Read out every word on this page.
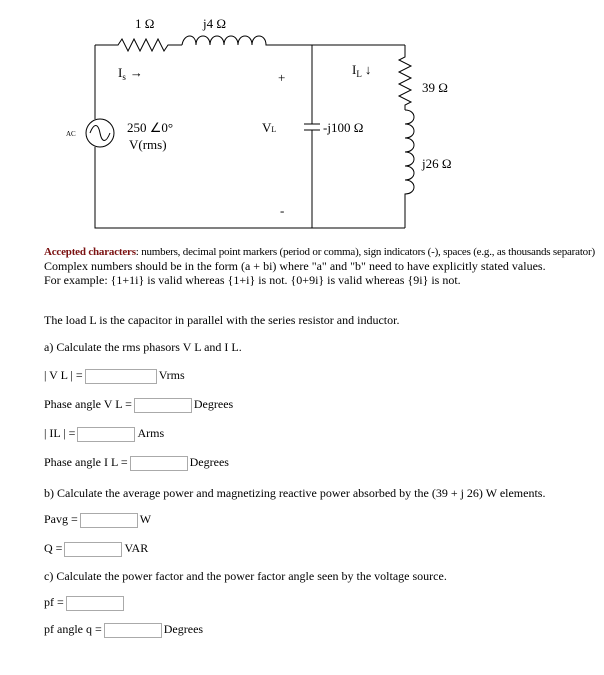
1 Ω	j4 Ω
$I_s$ →	+
-
$I_L$ ↓
39 Ω
j26 Ω
250 ∠0°
V(rms)
AC	VL	-j100 Ω
Accepted characters: numbers, decimal point markers (period or comma), sign indicators (-), spaces (e.g., as thousands separator)
Complex numbers should be in the form (a + bi) where "a" and "b" need to have explicitly stated values.
For example: {1+1i} is valid whereas {1+i} is not. {0+9i} is valid whereas {9i} is not.
The load L is the capacitor in parallel with the series resistor and inductor.
a) Calculate the rms phasors V L and I L.
| V L | =	Vrms
Phase angle V L =	Degrees
| IL | =	Arms
Phase angle I L =	Degrees
b) Calculate the average power and magnetizing reactive power absorbed by the (39 + j 26) W elements.
Pavg =	W
Q =	VAR
c) Calculate the power factor and the power factor angle seen by the voltage source.
pf =
pf angle q =	Degrees
